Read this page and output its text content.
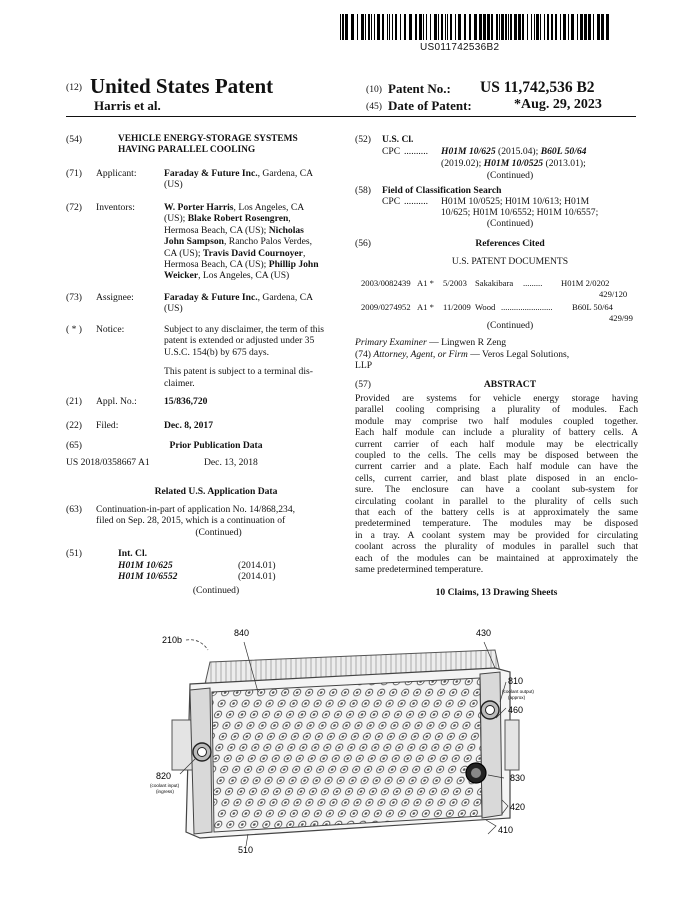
US011742536B2
(12) United States Patent
Harris et al.
(10) Patent No.: US 11,742,536 B2
(45) Date of Patent:	*Aug. 29, 2023
(54)	VEHICLE ENERGY-STORAGE SYSTEMS
HAVING PARALLEL COOLING
(71) Applicant:	Faraday & Future Inc., Gardena, CA
(US)
(72) Inventors:	W. Porter Harris, Los Angeles, CA
(US); Blake Robert Rosengren,
Hermosa Beach, CA (US); Nicholas
John Sampson, Rancho Palos Verdes,
CA (US); Travis David Cournoyer,
Hermosa Beach, CA (US); Phillip John
Weicker, Los Angeles, CA (US)
(73) Assignee:	Faraday & Future Inc., Gardena, CA
(US)
( * ) Notice:	Subject to any disclaimer, the term of this
patent is extended or adjusted under 35
U.S.C. 154(b) by 675 days.
This patent is subject to a terminal dis-
claimer.
(21) Appl. No.:	15/836,720
(22) Filed:	Dec. 8, 2017
(65)	Prior Publication Data
US 2018/0358667 A1	Dec. 13, 2018
Related U.S. Application Data
(63) Continuation-in-part of application No. 14/868,234,
filed on Sep. 28, 2015, which is a continuation of
(Continued)
(51)	Int. Cl.
H01M 10/625	(2014.01)
H01M 10/6552	(2014.01)
(Continued)
(52) U.S. Cl.
CPC .......... H01M 10/625 (2015.04); B60L 50/64
(2019.02); H01M 10/0525 (2013.01);
(Continued)
(58) Field of Classification Search
CPC .......... H01M 10/0525; H01M 10/613; H01M
10/625; H01M 10/6552; H01M 10/6557;
(Continued)
(56)	References Cited
U.S. PATENT DOCUMENTS
2003/0082439 A1 * 5/2003 Sakakibara ......... H01M 2/0202
429/120
2009/0274952 A1 * 11/2009 Wood ........................ B60L 50/64
429/99
(Continued)
Primary Examiner — Lingwen R Zeng
(74) Attorney, Agent, or Firm — Veros Legal Solutions,
LLP
(57)	ABSTRACT
Provided are systems for vehicle energy storage having
parallel cooling comprising a plurality of modules. Each
module may comprise two half modules coupled together.
Each half module can include a plurality of battery cells. A
current carrier of each half module may be electrically
coupled to the cells. The cells may be disposed between the
current carrier and a plate. Each half module can have the
cells, current carrier, and blast plate disposed in an enclo-
sure. The enclosure can have a coolant sub-system for
circulating coolant in parallel to the plurality of cells such
that each of the battery cells is at approximately the same
predetermined temperature. The modules may be disposed
in a tray. A coolant system may be provided for circulating
coolant across the plurality of modules in parallel such that
each of the modules can be maintained at approximately the
same predetermined temperature.
10 Claims, 13 Drawing Sheets
210b
840	430
810
(coolant output)
(approx)
460
820
(coolant input)
(ingress)
830
420
410
510
